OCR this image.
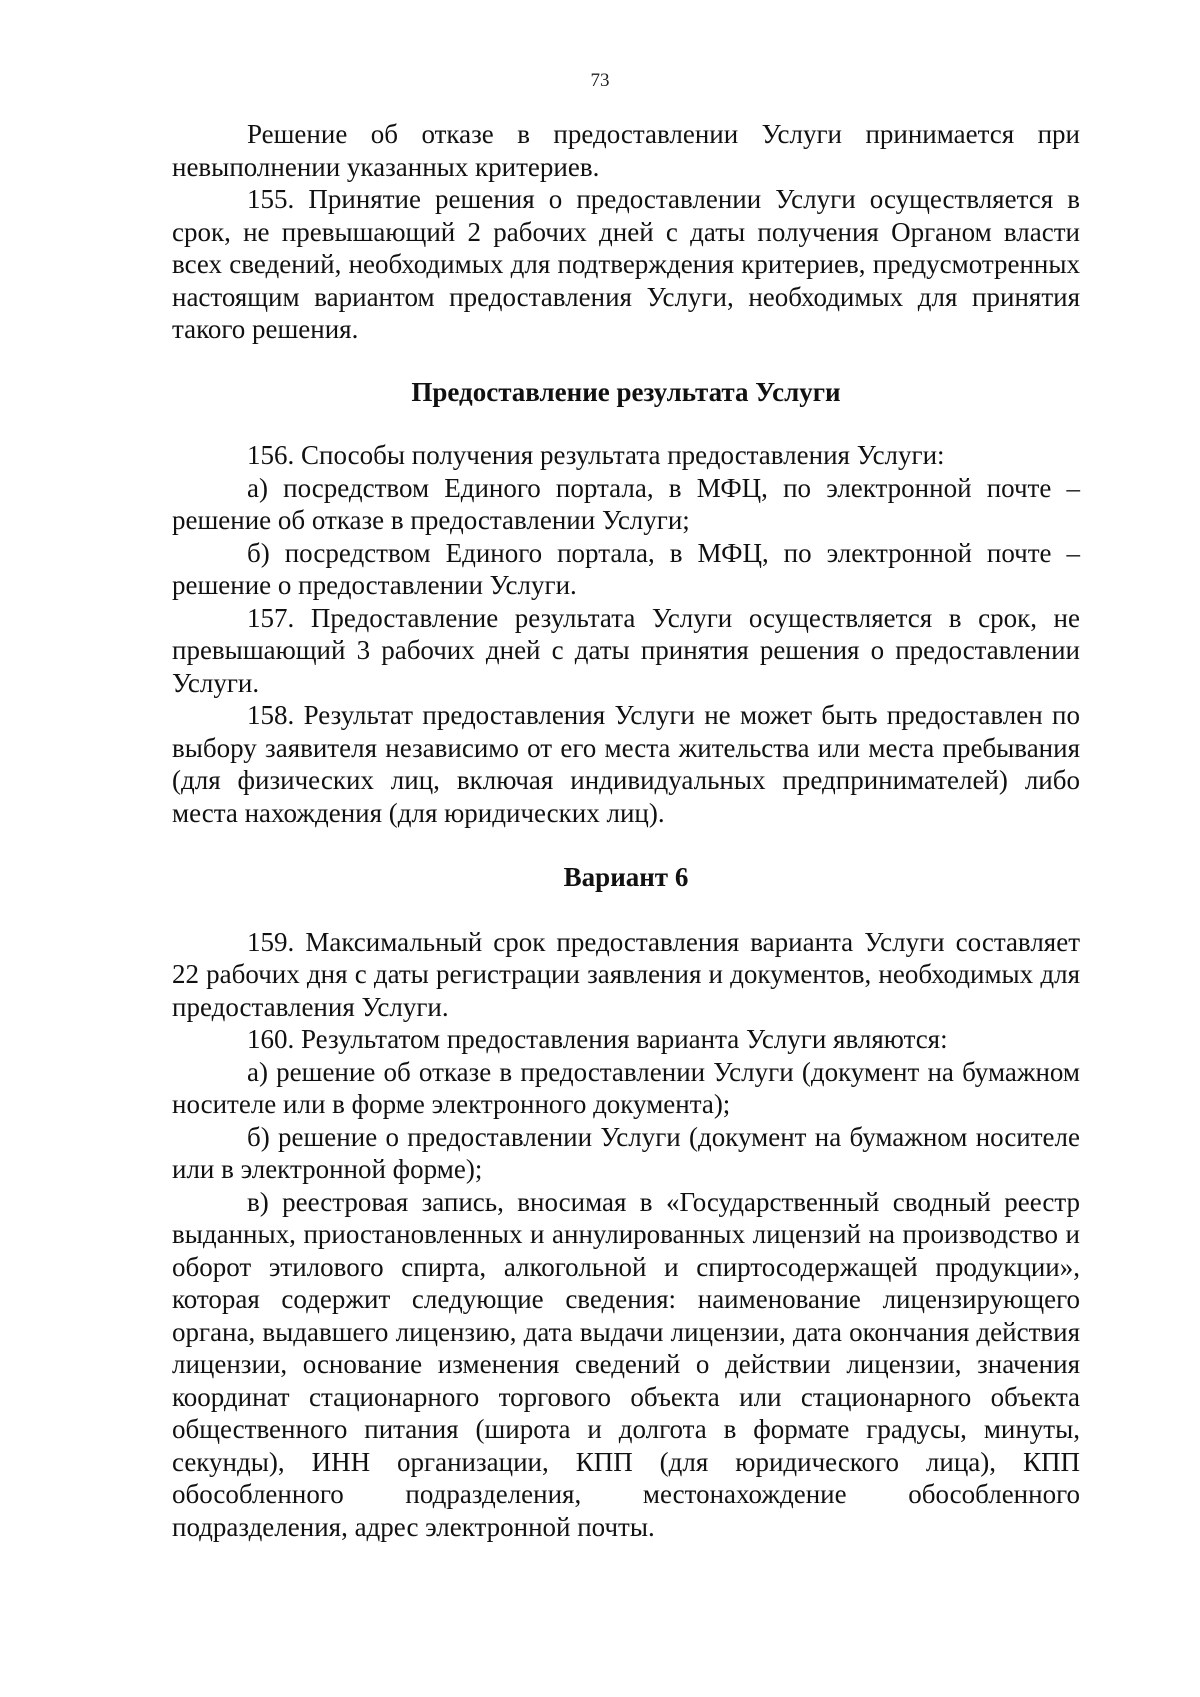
73

Решение об отказе в предоставлении Услуги принимается при невыполнении указанных критериев.

155. Принятие решения о предоставлении Услуги осуществляется в срок, не превышающий 2 рабочих дней с даты получения Органом власти всех сведений, необходимых для подтверждения критериев, предусмотренных настоящим вариантом предоставления Услуги, необходимых для принятия такого решения.

Предоставление результата Услуги

156. Способы получения результата предоставления Услуги:

а) посредством Единого портала, в МФЦ, по электронной почте – решение об отказе в предоставлении Услуги;

б) посредством Единого портала, в МФЦ, по электронной почте – решение о предоставлении Услуги.

157. Предоставление результата Услуги осуществляется в срок, не превышающий 3 рабочих дней с даты принятия решения о предоставлении Услуги.

158. Результат предоставления Услуги не может быть предоставлен по выбору заявителя независимо от его места жительства или места пребывания (для физических лиц, включая индивидуальных предпринимателей) либо места нахождения (для юридических лиц).

Вариант 6

159. Максимальный срок предоставления варианта Услуги составляет 22 рабочих дня с даты регистрации заявления и документов, необходимых для предоставления Услуги.

160. Результатом предоставления варианта Услуги являются:

а) решение об отказе в предоставлении Услуги (документ на бумажном носителе или в форме электронного документа);

б) решение о предоставлении Услуги (документ на бумажном носителе или в электронной форме);

в) реестровая запись, вносимая в «Государственный сводный реестр выданных, приостановленных и аннулированных лицензий на производство и оборот этилового спирта, алкогольной и спиртосодержащей продукции», которая содержит следующие сведения: наименование лицензирующего органа, выдавшего лицензию, дата выдачи лицензии, дата окончания действия лицензии, основание изменения сведений о действии лицензии, значения координат стационарного торгового объекта или стационарного объекта общественного питания (широта и долгота в формате градусы, минуты, секунды), ИНН организации, КПП (для юридического лица), КПП обособленного подразделения, местонахождение обособленного подразделения, адрес электронной почты.
